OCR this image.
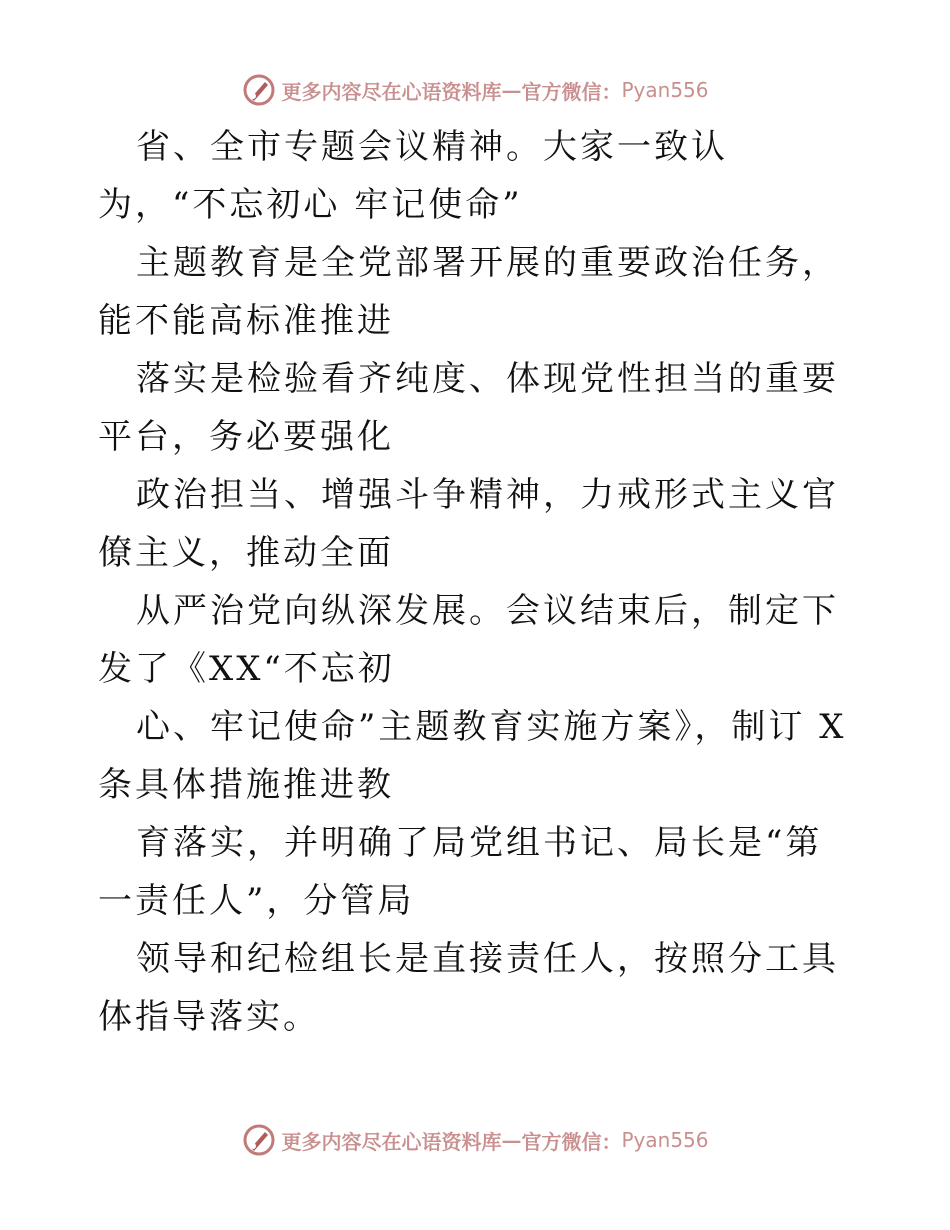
更多内容尽在心语资料库 — 官方微信： Pyan556

省、全市专题会议精神。大家一致认为，“不忘初心 牢记使命”

主题教育是全党部署开展的重要政治任务，能不能高标准推进

落实是检验看齐纯度、体现党性担当的重要平台，务必要强化

政治担当、增强斗争精神，力戒形式主义官僚主义，推动全面

从严治党向纵深发展。会议结束后，制定下发了《XX“不忘初

心、牢记使命”主题教育实施方案》，制订 X 条具体措施推进教

育落实，并明确了局党组书记、局长是“第一责任人”，分管局

领导和纪检组长是直接责任人，按照分工具体指导落实。

更多内容尽在心语资料库 — 官方微信： Pyan556
